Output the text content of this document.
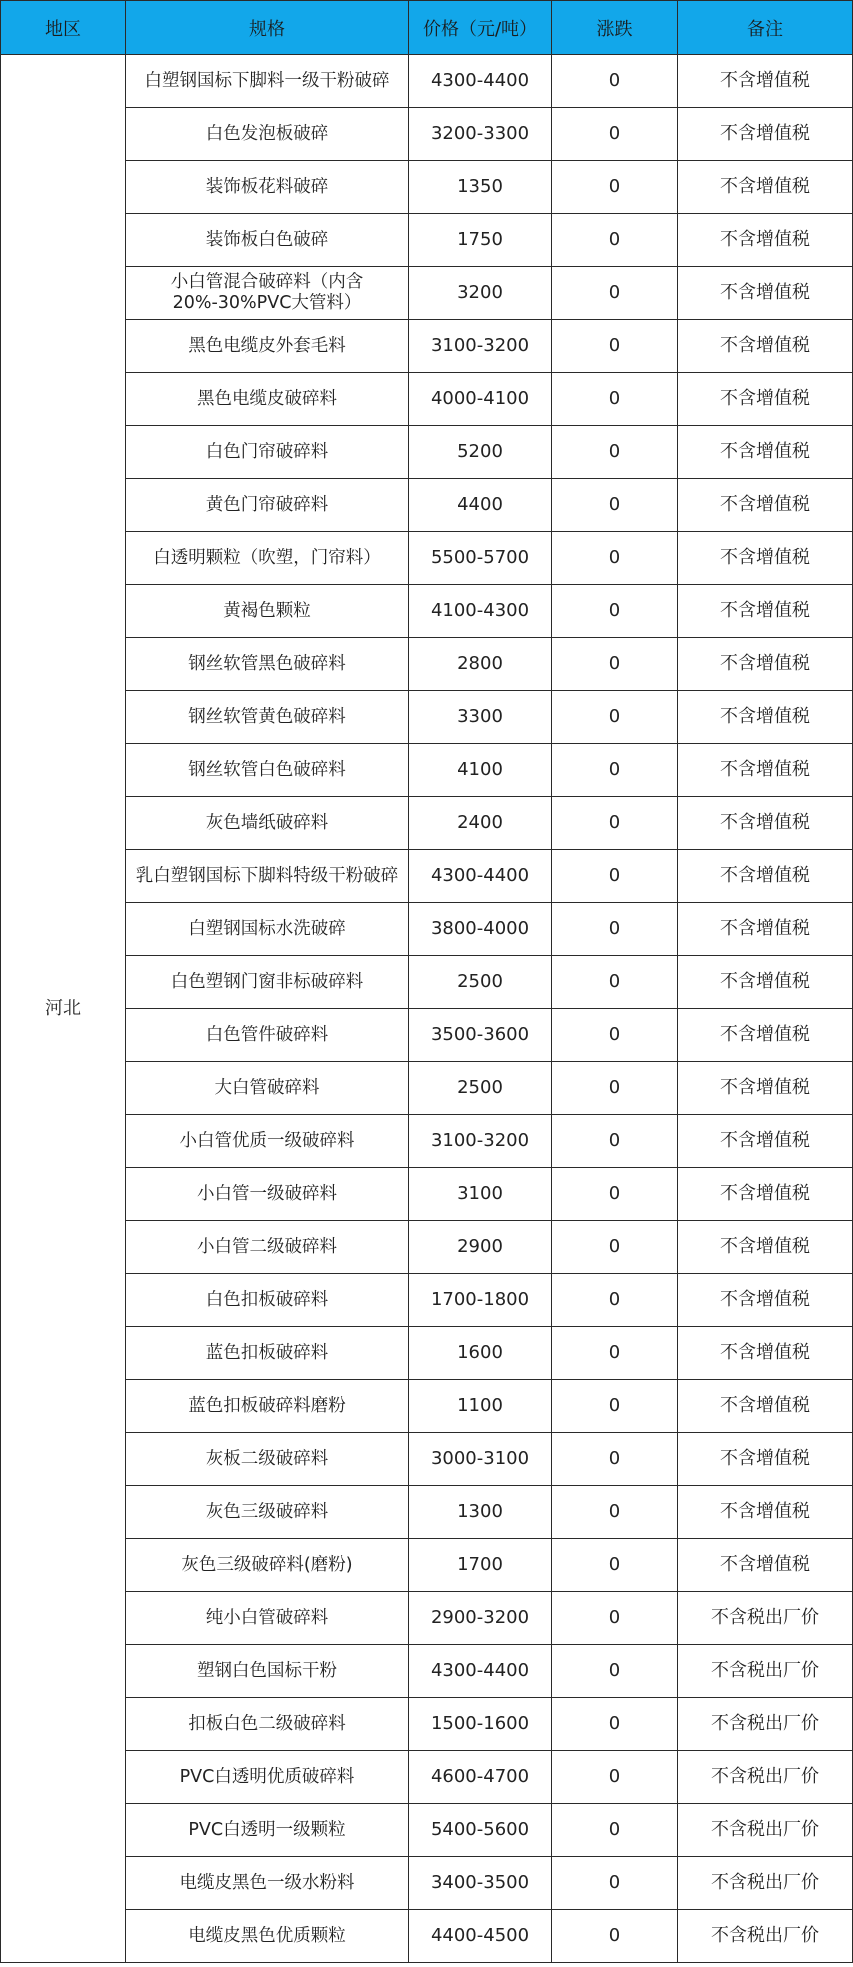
地区	规格	价格（元/吨）	涨跌	备注
河北	白塑钢国标下脚料一级干粉破碎	4300-4400	0	不含增值税
	白色发泡板破碎	3200-3300	0	不含增值税
	装饰板花料破碎	1350	0	不含增值税
	装饰板白色破碎	1750	0	不含增值税
	小白管混合破碎料（内含20%-30%PVC大管料）	3200	0	不含增值税
	黑色电缆皮外套毛料	3100-3200	0	不含增值税
	黑色电缆皮破碎料	4000-4100	0	不含增值税
	白色门帘破碎料	5200	0	不含增值税
	黄色门帘破碎料	4400	0	不含增值税
	白透明颗粒（吹塑，门帘料）	5500-5700	0	不含增值税
	黄褐色颗粒	4100-4300	0	不含增值税
	钢丝软管黑色破碎料	2800	0	不含增值税
	钢丝软管黄色破碎料	3300	0	不含增值税
	钢丝软管白色破碎料	4100	0	不含增值税
	灰色墙纸破碎料	2400	0	不含增值税
	乳白塑钢国标下脚料特级干粉破碎	4300-4400	0	不含增值税
	白塑钢国标水洗破碎	3800-4000	0	不含增值税
	白色塑钢门窗非标破碎料	2500	0	不含增值税
	白色管件破碎料	3500-3600	0	不含增值税
	大白管破碎料	2500	0	不含增值税
	小白管优质一级破碎料	3100-3200	0	不含增值税
	小白管一级破碎料	3100	0	不含增值税
	小白管二级破碎料	2900	0	不含增值税
	白色扣板破碎料	1700-1800	0	不含增值税
	蓝色扣板破碎料	1600	0	不含增值税
	蓝色扣板破碎料磨粉	1100	0	不含增值税
	灰板二级破碎料	3000-3100	0	不含增值税
	灰色三级破碎料	1300	0	不含增值税
	灰色三级破碎料(磨粉)	1700	0	不含增值税
	纯小白管破碎料	2900-3200	0	不含税出厂价
	塑钢白色国标干粉	4300-4400	0	不含税出厂价
	扣板白色二级破碎料	1500-1600	0	不含税出厂价
	PVC白透明优质破碎料	4600-4700	0	不含税出厂价
	PVC白透明一级颗粒	5400-5600	0	不含税出厂价
	电缆皮黑色一级水粉料	3400-3500	0	不含税出厂价
	电缆皮黑色优质颗粒	4400-4500	0	不含税出厂价
